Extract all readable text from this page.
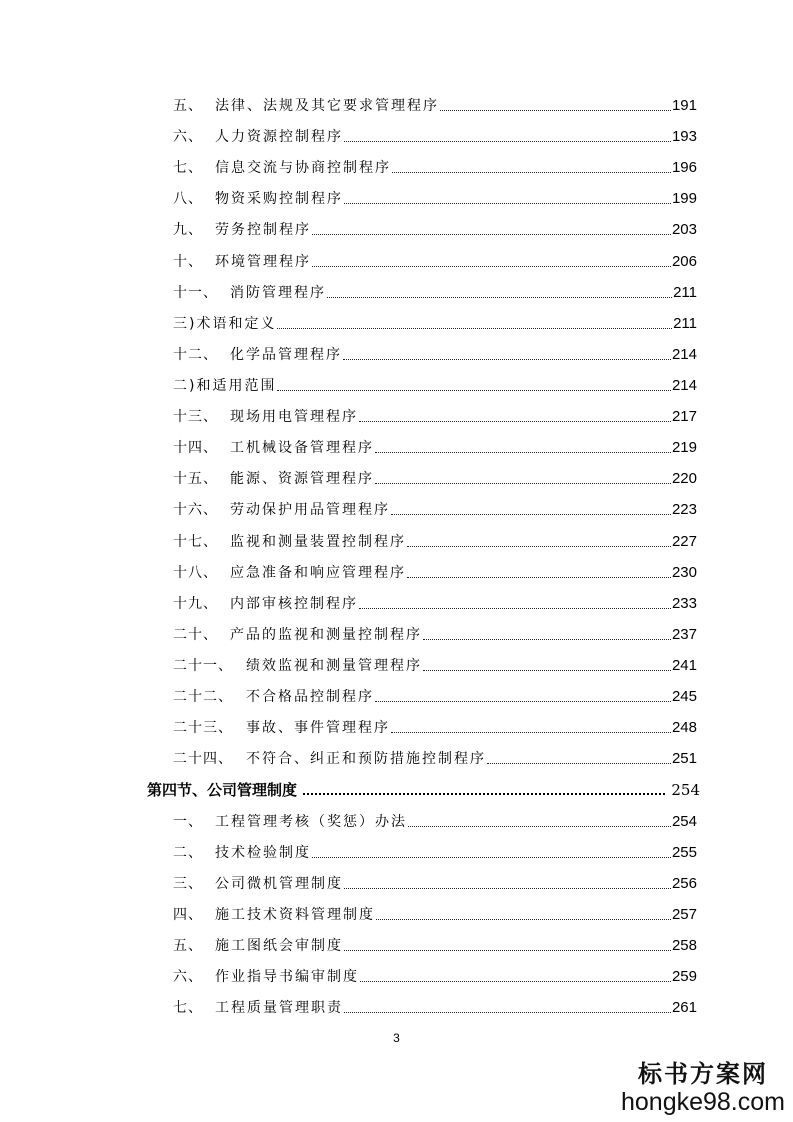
五、 法律、法规及其它要求管理程序	191
六、 人力资源控制程序	193
七、 信息交流与协商控制程序	196
八、 物资采购控制程序	199
九、 劳务控制程序	203
十、 环境管理程序	206
十一、 消防管理程序	211
三)术语和定义	211
十二、 化学品管理程序	214
二)和适用范围	214
十三、 现场用电管理程序	217
十四、 工机械设备管理程序	219
十五、 能源、资源管理程序	220
十六、 劳动保护用品管理程序	223
十七、 监视和测量装置控制程序	227
十八、 应急准备和响应管理程序	230
十九、 内部审核控制程序	233
二十、 产品的监视和测量控制程序	237
二十一、 绩效监视和测量管理程序	241
二十二、 不合格品控制程序	245
二十三、 事故、事件管理程序	248
二十四、 不符合、纠正和预防措施控制程序	251
第四节、公司管理制度	254
一、 工程管理考核（奖惩）办法	254
二、 技术检验制度	255
三、 公司微机管理制度	256
四、 施工技术资料管理制度	257
五、 施工图纸会审制度	258
六、 作业指导书编审制度	259
七、 工程质量管理职责	261
3
标书方案网
hongke98.com
